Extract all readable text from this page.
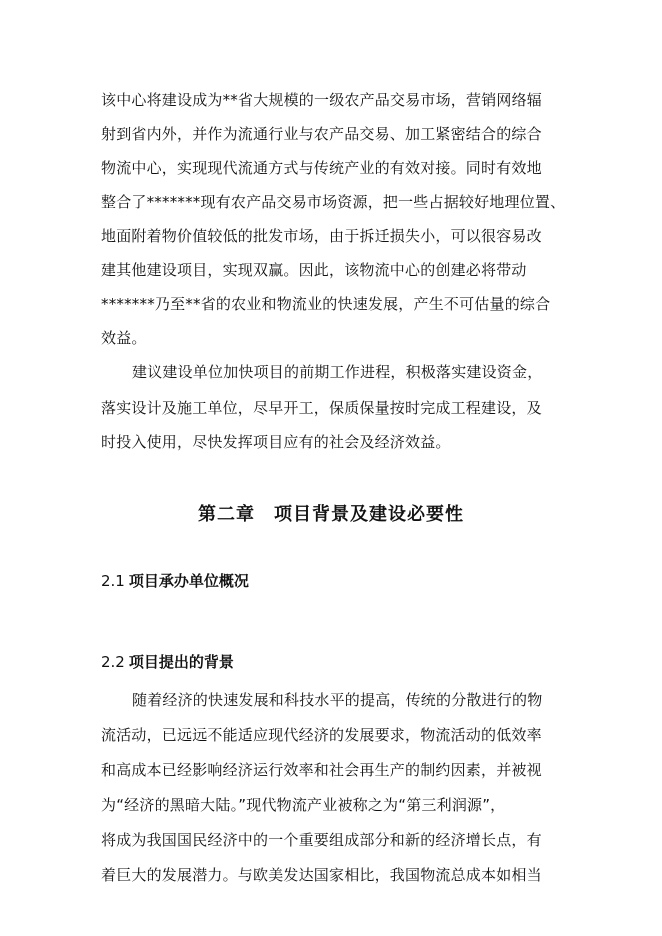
该中心将建设成为**省大规模的一级农产品交易市场，营销网络辐
射到省内外，并作为流通行业与农产品交易、加工紧密结合的综合
物流中心，实现现代流通方式与传统产业的有效对接。同时有效地
整合了*******现有农产品交易市场资源，把一些占据较好地理位置、
地面附着物价值较低的批发市场，由于拆迁损失小，可以很容易改
建其他建设项目，实现双赢。因此，该物流中心的创建必将带动
*******乃至**省的农业和物流业的快速发展，产生不可估量的综合
效益。
建议建设单位加快项目的前期工作进程，积极落实建设资金，
落实设计及施工单位，尽早开工，保质保量按时完成工程建设，及
时投入使用，尽快发挥项目应有的社会及经济效益。
第二章　项目背景及建设必要性
2.1 项目承办单位概况
2.2 项目提出的背景
随着经济的快速发展和科技水平的提高，传统的分散进行的物
流活动，已远远不能适应现代经济的发展要求，物流活动的低效率
和高成本已经影响经济运行效率和社会再生产的制约因素，并被视
为“经济的黑暗大陆。”现代物流产业被称之为“第三利润源”，
将成为我国国民经济中的一个重要组成部分和新的经济增长点，有
着巨大的发展潜力。与欧美发达国家相比，我国物流总成本如相当
